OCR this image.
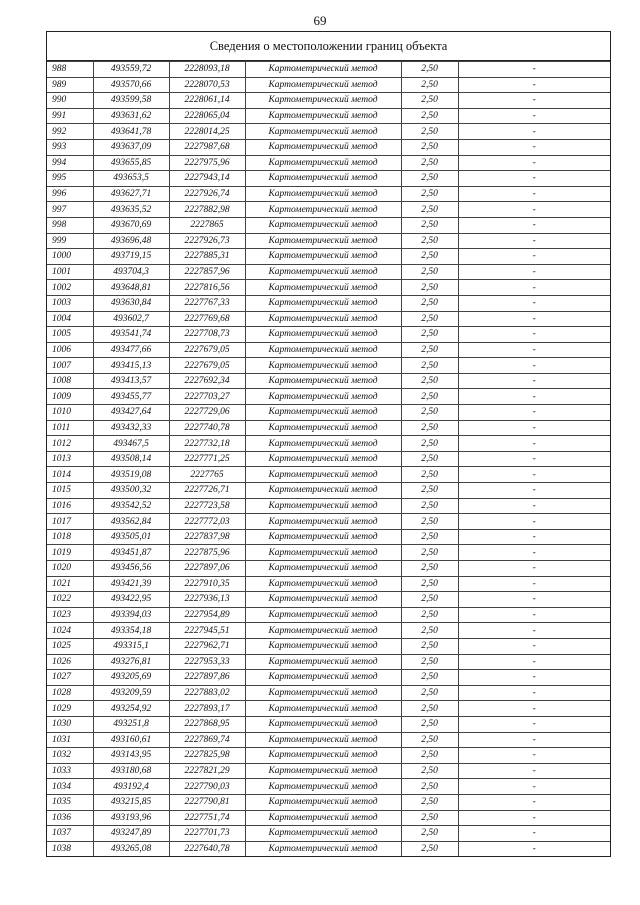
69
Сведения о местоположении границ объекта
988	493559,72	2228093,18	Картометрический метод	2,50	-
989	493570,66	2228070,53	Картометрический метод	2,50	-
990	493599,58	2228061,14	Картометрический метод	2,50	-
991	493631,62	2228065,04	Картометрический метод	2,50	-
992	493641,78	2228014,25	Картометрический метод	2,50	-
993	493637,09	2227987,68	Картометрический метод	2,50	-
994	493655,85	2227975,96	Картометрический метод	2,50	-
995	493653,5	2227943,14	Картометрический метод	2,50	-
996	493627,71	2227926,74	Картометрический метод	2,50	-
997	493635,52	2227882,98	Картометрический метод	2,50	-
998	493670,69	2227865	Картометрический метод	2,50	-
999	493696,48	2227926,73	Картометрический метод	2,50	-
1000	493719,15	2227885,31	Картометрический метод	2,50	-
1001	493704,3	2227857,96	Картометрический метод	2,50	-
1002	493648,81	2227816,56	Картометрический метод	2,50	-
1003	493630,84	2227767,33	Картометрический метод	2,50	-
1004	493602,7	2227769,68	Картометрический метод	2,50	-
1005	493541,74	2227708,73	Картометрический метод	2,50	-
1006	493477,66	2227679,05	Картометрический метод	2,50	-
1007	493415,13	2227679,05	Картометрический метод	2,50	-
1008	493413,57	2227692,34	Картометрический метод	2,50	-
1009	493455,77	2227703,27	Картометрический метод	2,50	-
1010	493427,64	2227729,06	Картометрический метод	2,50	-
1011	493432,33	2227740,78	Картометрический метод	2,50	-
1012	493467,5	2227732,18	Картометрический метод	2,50	-
1013	493508,14	2227771,25	Картометрический метод	2,50	-
1014	493519,08	2227765	Картометрический метод	2,50	-
1015	493500,32	2227726,71	Картометрический метод	2,50	-
1016	493542,52	2227723,58	Картометрический метод	2,50	-
1017	493562,84	2227772,03	Картометрический метод	2,50	-
1018	493505,01	2227837,98	Картометрический метод	2,50	-
1019	493451,87	2227875,96	Картометрический метод	2,50	-
1020	493456,56	2227897,06	Картометрический метод	2,50	-
1021	493421,39	2227910,35	Картометрический метод	2,50	-
1022	493422,95	2227936,13	Картометрический метод	2,50	-
1023	493394,03	2227954,89	Картометрический метод	2,50	-
1024	493354,18	2227945,51	Картометрический метод	2,50	-
1025	493315,1	2227962,71	Картометрический метод	2,50	-
1026	493276,81	2227953,33	Картометрический метод	2,50	-
1027	493205,69	2227897,86	Картометрический метод	2,50	-
1028	493209,59	2227883,02	Картометрический метод	2,50	-
1029	493254,92	2227893,17	Картометрический метод	2,50	-
1030	493251,8	2227868,95	Картометрический метод	2,50	-
1031	493160,61	2227869,74	Картометрический метод	2,50	-
1032	493143,95	2227825,98	Картометрический метод	2,50	-
1033	493180,68	2227821,29	Картометрический метод	2,50	-
1034	493192,4	2227790,03	Картометрический метод	2,50	-
1035	493215,85	2227790,81	Картометрический метод	2,50	-
1036	493193,96	2227751,74	Картометрический метод	2,50	-
1037	493247,89	2227701,73	Картометрический метод	2,50	-
1038	493265,08	2227640,78	Картометрический метод	2,50	-
